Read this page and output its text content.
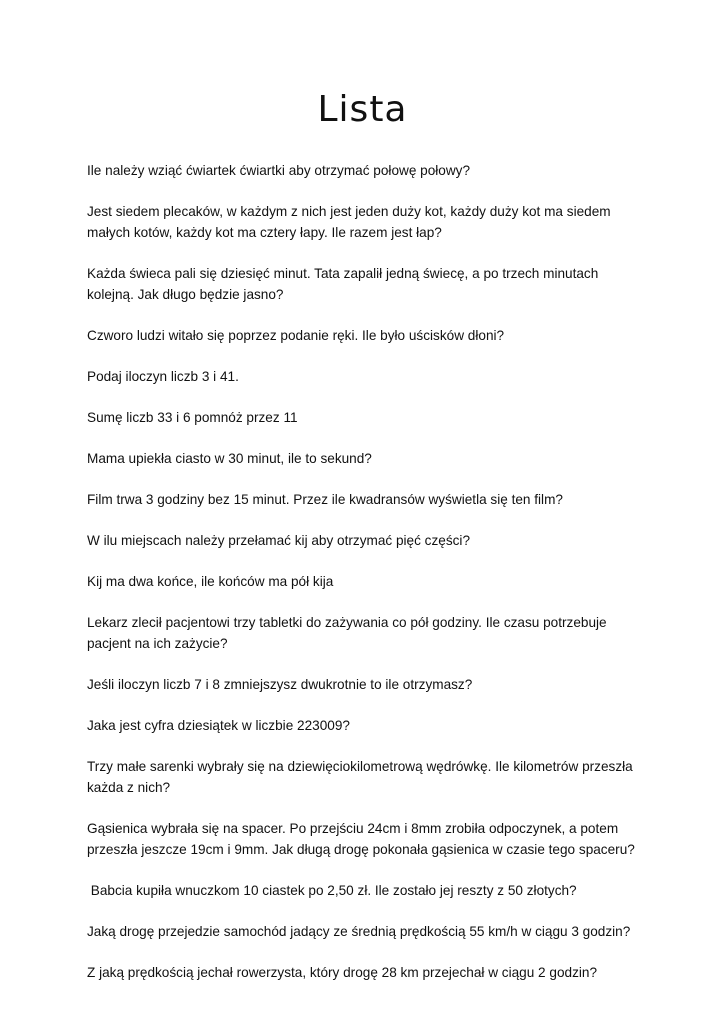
Lista
Ile należy wziąć ćwiartek ćwiartki aby otrzymać połowę połowy?
Jest siedem plecaków, w każdym z nich jest jeden duży kot, każdy duży kot ma siedem małych kotów, każdy kot ma cztery łapy. Ile razem jest łap?
Każda świeca pali się dziesięć minut. Tata zapalił jedną świecę, a po trzech minutach kolejną. Jak długo będzie jasno?
Czworo ludzi witało się poprzez podanie ręki. Ile było uścisków dłoni?
Podaj iloczyn liczb 3 i 41.
Sumę liczb 33 i 6 pomnóż przez 11
Mama upiekła ciasto w 30 minut, ile to sekund?
Film trwa 3 godziny bez 15 minut. Przez ile kwadransów wyświetla się ten film?
W ilu miejscach należy przełamać kij aby otrzymać pięć części?
Kij ma dwa końce, ile końców ma pół kija
Lekarz zlecił pacjentowi trzy tabletki do zażywania co pół godziny. Ile czasu potrzebuje pacjent na ich zażycie?
Jeśli iloczyn liczb 7 i 8 zmniejszysz dwukrotnie to ile otrzymasz?
Jaka jest cyfra dziesiątek w liczbie 223009?
Trzy małe sarenki wybrały się na dziewięciokilometrową wędrówkę. Ile kilometrów przeszła każda z nich?
Gąsienica wybrała się na spacer. Po przejściu 24cm i 8mm zrobiła odpoczynek, a potem przeszła jeszcze 19cm i 9mm. Jak długą drogę pokonała gąsienica w czasie tego spaceru?
Babcia kupiła wnuczkom 10 ciastek po 2,50 zł. Ile zostało jej reszty z 50 złotych?
Jaką drogę przejedzie samochód jadący ze średnią prędkością 55 km/h w ciągu 3 godzin?
Z jaką prędkością jechał rowerzysta, który drogę 28 km przejechał w ciągu 2 godzin?
